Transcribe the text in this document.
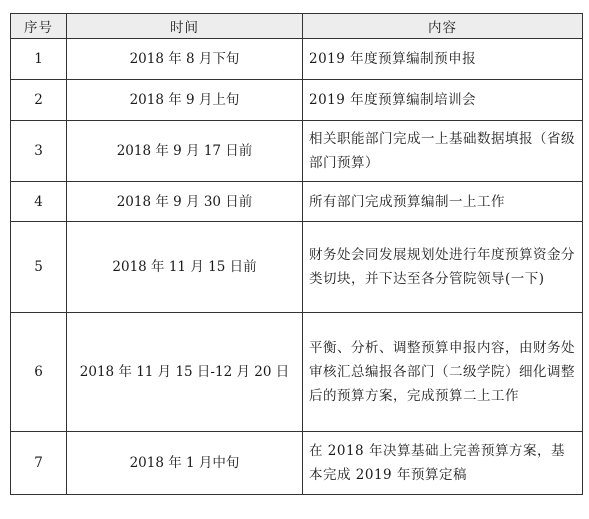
序号	时间	内容
1	2018 年 8 月下旬	2019 年度预算编制预申报
2	2018 年 9 月上旬	2019 年度预算编制培训会
3	2018 年 9 月 17 日前	相关职能部门完成一上基础数据填报（省级部门预算）
4	2018 年 9 月 30 日前	所有部门完成预算编制一上工作
5	2018 年 11 月 15 日前	财务处会同发展规划处进行年度预算资金分类切块，并下达至各分管院领导(一下)
6	2018 年 11 月 15 日-12 月 20 日	平衡、分析、调整预算申报内容，由财务处审核汇总编报各部门（二级学院）细化调整后的预算方案，完成预算二上工作
7	2018 年 1 月中旬	在 2018 年决算基础上完善预算方案，基本完成 2019 年预算定稿
